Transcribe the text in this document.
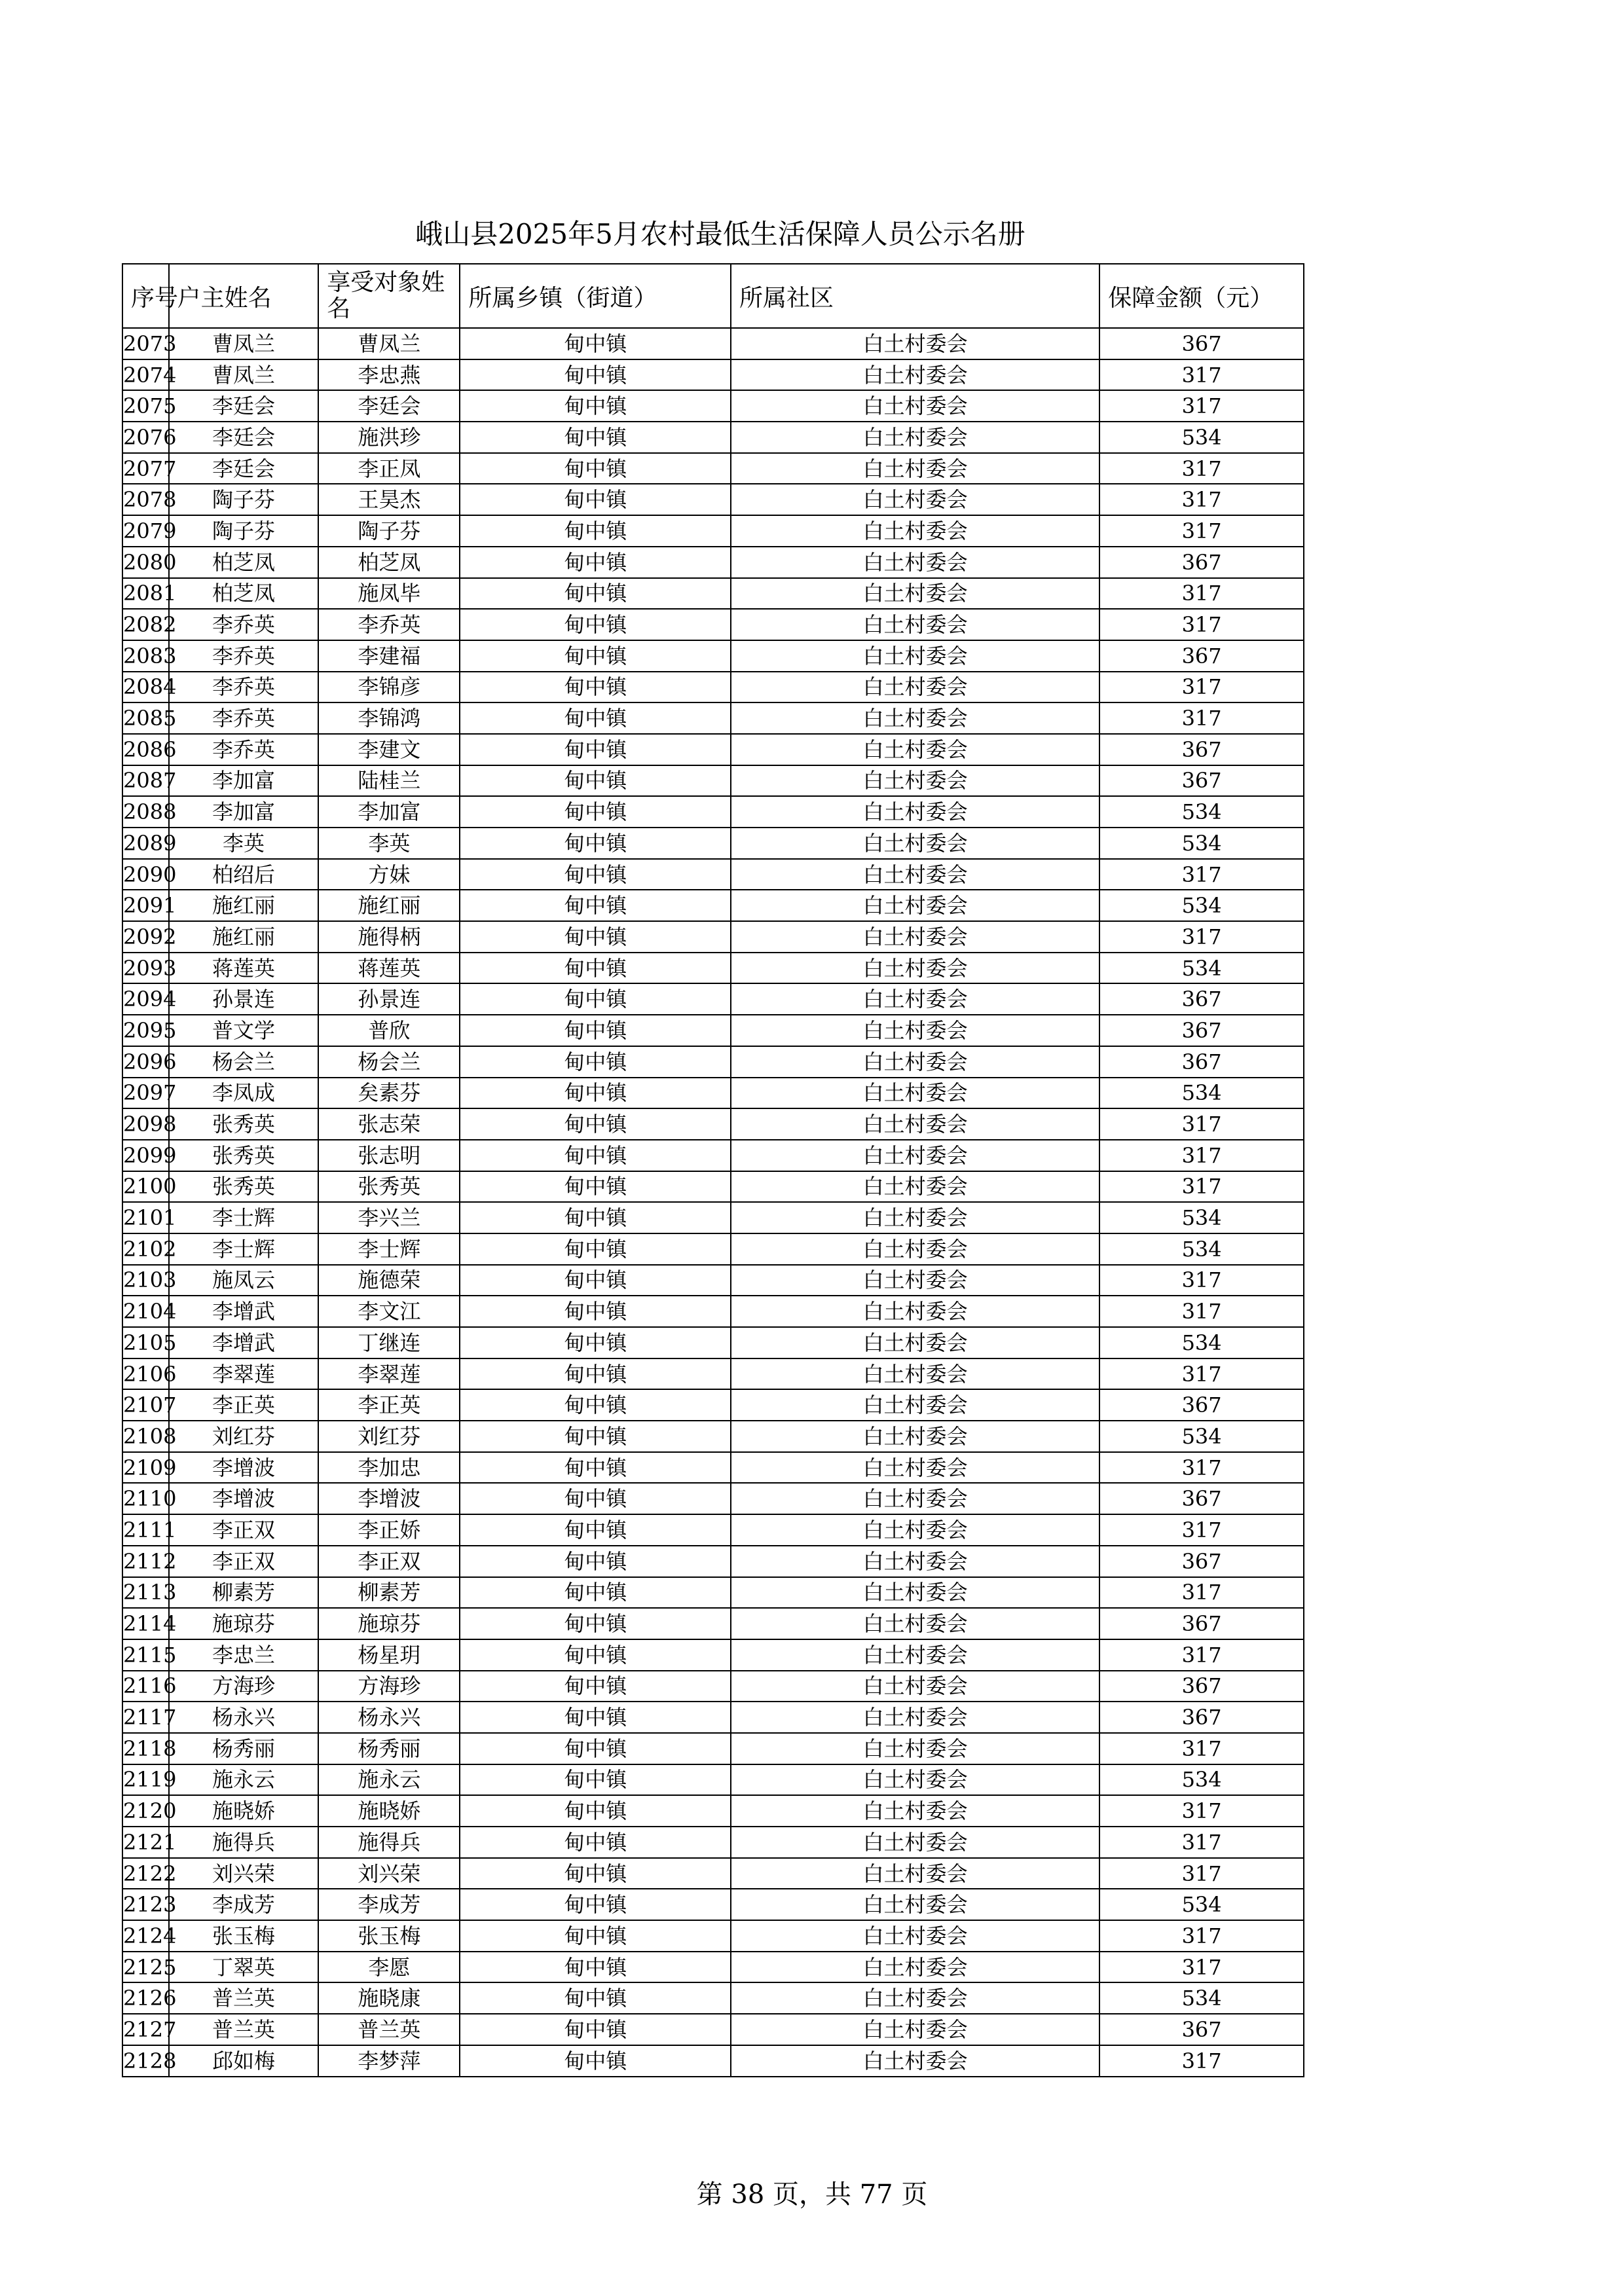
峨山县2025年5月农村最低生活保障人员公示名册
序号	户主姓名	享受对象姓名	所属乡镇（街道）	所属社区	保障金额（元）
2073	曹凤兰	曹凤兰	甸中镇	白土村委会	367
2074	曹凤兰	李忠燕	甸中镇	白土村委会	317
2075	李廷会	李廷会	甸中镇	白土村委会	317
2076	李廷会	施洪珍	甸中镇	白土村委会	534
2077	李廷会	李正凤	甸中镇	白土村委会	317
2078	陶子芬	王昊杰	甸中镇	白土村委会	317
2079	陶子芬	陶子芬	甸中镇	白土村委会	317
2080	柏芝凤	柏芝凤	甸中镇	白土村委会	367
2081	柏芝凤	施凤毕	甸中镇	白土村委会	317
2082	李乔英	李乔英	甸中镇	白土村委会	317
2083	李乔英	李建福	甸中镇	白土村委会	367
2084	李乔英	李锦彦	甸中镇	白土村委会	317
2085	李乔英	李锦鸿	甸中镇	白土村委会	317
2086	李乔英	李建文	甸中镇	白土村委会	367
2087	李加富	陆桂兰	甸中镇	白土村委会	367
2088	李加富	李加富	甸中镇	白土村委会	534
2089	李英	李英	甸中镇	白土村委会	534
2090	柏绍后	方妹	甸中镇	白土村委会	317
2091	施红丽	施红丽	甸中镇	白土村委会	534
2092	施红丽	施得柄	甸中镇	白土村委会	317
2093	蒋莲英	蒋莲英	甸中镇	白土村委会	534
2094	孙景连	孙景连	甸中镇	白土村委会	367
2095	普文学	普欣	甸中镇	白土村委会	367
2096	杨会兰	杨会兰	甸中镇	白土村委会	367
2097	李凤成	矣素芬	甸中镇	白土村委会	534
2098	张秀英	张志荣	甸中镇	白土村委会	317
2099	张秀英	张志明	甸中镇	白土村委会	317
2100	张秀英	张秀英	甸中镇	白土村委会	317
2101	李士辉	李兴兰	甸中镇	白土村委会	534
2102	李士辉	李士辉	甸中镇	白土村委会	534
2103	施凤云	施德荣	甸中镇	白土村委会	317
2104	李增武	李文江	甸中镇	白土村委会	317
2105	李增武	丁继连	甸中镇	白土村委会	534
2106	李翠莲	李翠莲	甸中镇	白土村委会	317
2107	李正英	李正英	甸中镇	白土村委会	367
2108	刘红芬	刘红芬	甸中镇	白土村委会	534
2109	李增波	李加忠	甸中镇	白土村委会	317
2110	李增波	李增波	甸中镇	白土村委会	367
2111	李正双	李正娇	甸中镇	白土村委会	317
2112	李正双	李正双	甸中镇	白土村委会	367
2113	柳素芳	柳素芳	甸中镇	白土村委会	317
2114	施琼芬	施琼芬	甸中镇	白土村委会	367
2115	李忠兰	杨星玥	甸中镇	白土村委会	317
2116	方海珍	方海珍	甸中镇	白土村委会	367
2117	杨永兴	杨永兴	甸中镇	白土村委会	367
2118	杨秀丽	杨秀丽	甸中镇	白土村委会	317
2119	施永云	施永云	甸中镇	白土村委会	534
2120	施晓娇	施晓娇	甸中镇	白土村委会	317
2121	施得兵	施得兵	甸中镇	白土村委会	317
2122	刘兴荣	刘兴荣	甸中镇	白土村委会	317
2123	李成芳	李成芳	甸中镇	白土村委会	534
2124	张玉梅	张玉梅	甸中镇	白土村委会	317
2125	丁翠英	李愿	甸中镇	白土村委会	317
2126	普兰英	施晓康	甸中镇	白土村委会	534
2127	普兰英	普兰英	甸中镇	白土村委会	367
2128	邱如梅	李梦萍	甸中镇	白土村委会	317
第 38 页，共 77 页
